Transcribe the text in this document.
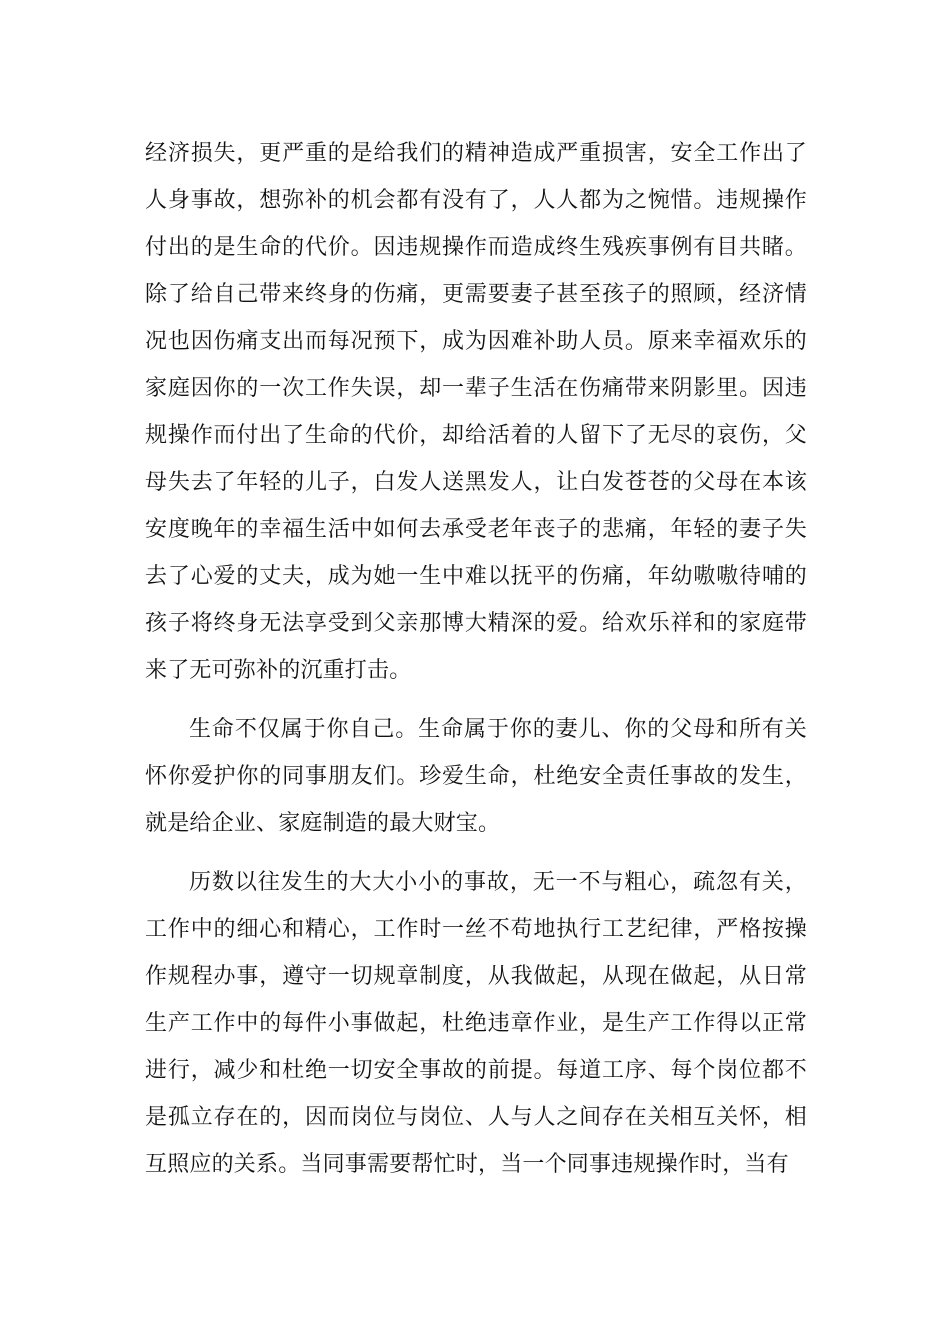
经济损失，更严重的是给我们的精神造成严重损害，安全工作出了人身事故，想弥补的机会都有没有了，人人都为之惋惜。违规操作付出的是生命的代价。因违规操作而造成终生残疾事例有目共睹。除了给自己带来终身的伤痛，更需要妻子甚至孩子的照顾，经济情况也因伤痛支出而每况预下，成为因难补助人员。原来幸福欢乐的家庭因你的一次工作失误，却一辈子生活在伤痛带来阴影里。因违规操作而付出了生命的代价，却给活着的人留下了无尽的哀伤，父母失去了年轻的儿子，白发人送黑发人，让白发苍苍的父母在本该安度晚年的幸福生活中如何去承受老年丧子的悲痛，年轻的妻子失去了心爱的丈夫，成为她一生中难以抚平的伤痛，年幼嗷嗷待哺的孩子将终身无法享受到父亲那博大精深的爱。给欢乐祥和的家庭带来了无可弥补的沉重打击。

生命不仅属于你自己。生命属于你的妻儿、你的父母和所有关怀你爱护你的同事朋友们。珍爱生命，杜绝安全责任事故的发生，就是给企业、家庭制造的最大财宝。

历数以往发生的大大小小的事故，无一不与粗心，疏忽有关，工作中的细心和精心，工作时一丝不苟地执行工艺纪律，严格按操作规程办事，遵守一切规章制度，从我做起，从现在做起，从日常生产工作中的每件小事做起，杜绝违章作业，是生产工作得以正常进行，减少和杜绝一切安全事故的前提。每道工序、每个岗位都不是孤立存在的，因而岗位与岗位、人与人之间存在关相互关怀，相互照应的关系。当同事需要帮忙时，当一个同事违规操作时，当有
